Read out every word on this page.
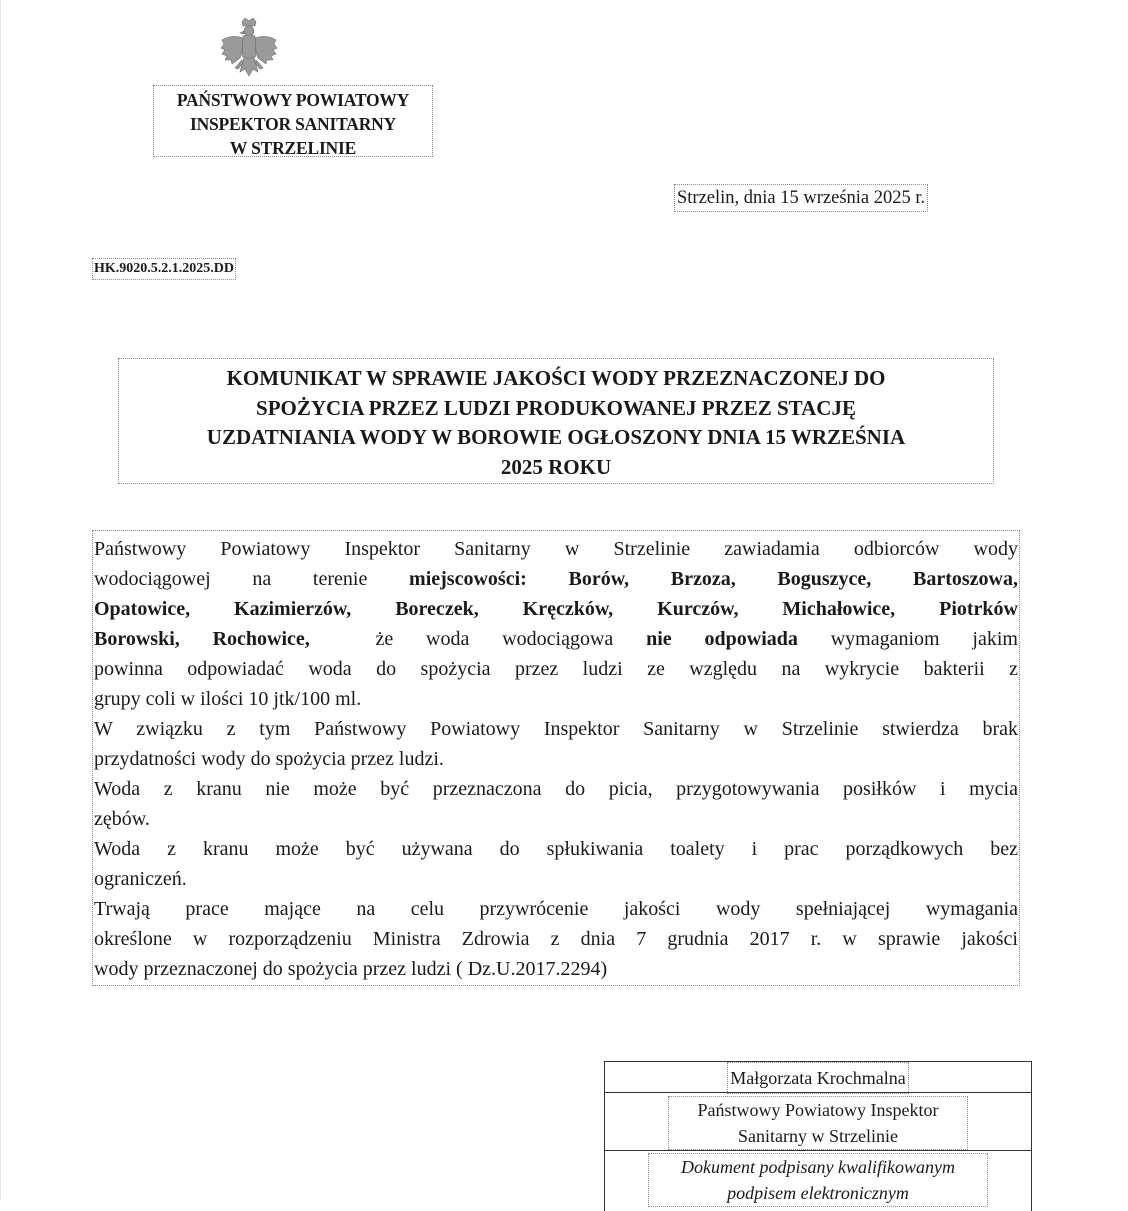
PAŃSTWOWY POWIATOWY
INSPEKTOR SANITARNY
W STRZELINIE
Strzelin, dnia 15 września 2025 r.
HK.9020.5.2.1.2025.DD
KOMUNIKAT W SPRAWIE JAKOŚCI WODY PRZEZNACZONEJ DO
SPOŻYCIA PRZEZ LUDZI PRODUKOWANEJ PRZEZ STACJĘ
UZDATNIANIA WODY W BOROWIE OGŁOSZONY DNIA 15 WRZEŚNIA
2025 ROKU
Państwowy Powiatowy Inspektor Sanitarny w Strzelinie zawiadamia odbiorców wody
wodociągowej na terenie miejscowości: Borów, Brzoza, Boguszyce, Bartoszowa,
Opatowice, Kazimierzów, Boreczek, Kręczków, Kurczów, Michałowice, Piotrków
Borowski, Rochowice,  że woda wodociągowa nie odpowiada wymaganiom jakim
powinna odpowiadać woda do spożycia przez ludzi ze względu na wykrycie bakterii z
grupy coli w ilości 10 jtk/100 ml.
W związku z tym Państwowy Powiatowy Inspektor Sanitarny w Strzelinie stwierdza brak
przydatności wody do spożycia przez ludzi.
Woda z kranu nie może być przeznaczona do picia, przygotowywania posiłków i mycia
zębów.
Woda z kranu może być używana do spłukiwania toalety i prac porządkowych bez
ograniczeń.
Trwają prace mające na celu przywrócenie jakości wody spełniającej wymagania
określone w rozporządzeniu Ministra Zdrowia z dnia 7 grudnia 2017 r. w sprawie jakości
wody przeznaczonej do spożycia przez ludzi ( Dz.U.2017.2294)
Małgorzata Krochmalna
Państwowy Powiatowy Inspektor
Sanitarny w Strzelinie
Dokument podpisany kwalifikowanym
podpisem elektronicznym
